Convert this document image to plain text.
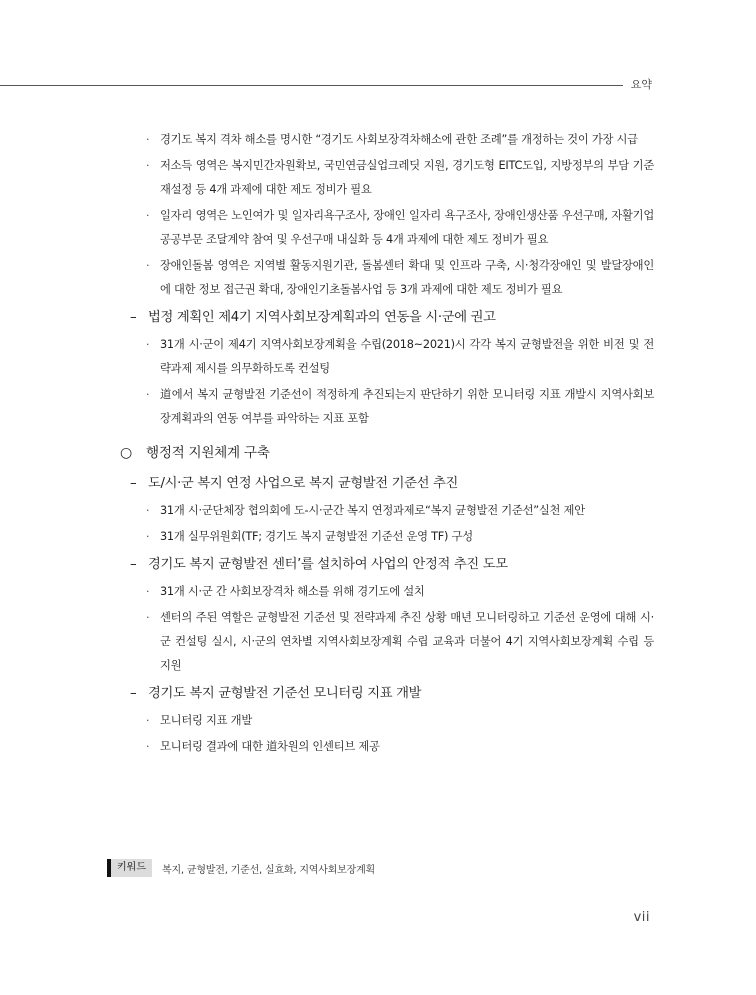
요약
· 경기도 복지 격차 해소를 명시한 “경기도 사회보장격차해소에 관한 조례”를 개정하는 것이 가장 시급
· 저소득 영역은 복지민간자원확보, 국민연금실업크레딧 지원, 경기도형 EITC도입, 지방정부의 부담 기준 재설정 등 4개 과제에 대한 제도 정비가 필요
· 일자리 영역은 노인여가 및 일자리욕구조사, 장애인 일자리 욕구조사, 장애인생산품 우선구매, 자활기업 공공부문 조달계약 참여 및 우선구매 내실화 등 4개 과제에 대한 제도 정비가 필요
· 장애인돌봄 영역은 지역별 활동지원기관, 돌봄센터 확대 및 인프라 구축, 시·청각장애인 및 발달장애인에 대한 정보 접근권 확대, 장애인기초돌봄사업 등 3개 과제에 대한 제도 정비가 필요
– 법정 계획인 제4기 지역사회보장계획과의 연동을 시·군에 권고
· 31개 시·군이 제4기 지역사회보장계획을 수립(2018~2021)시 각각 복지 균형발전을 위한 비전 및 전략과제 제시를 의무화하도록 컨설팅
· 道에서 복지 균형발전 기준선이 적정하게 추진되는지 판단하기 위한 모니터링 지표 개발시 지역사회보장계획과의 연동 여부를 파악하는 지표 포함
○ 행정적 지원체계 구축
– 도/시·군 복지 연정 사업으로 복지 균형발전 기준선 추진
· 31개 시·군단체장 협의회에 도-시·군간 복지 연정과제로“복지 균형발전 기준선”실천 제안
· 31개 실무위원회(TF; 경기도 복지 균형발전 기준선 운영 TF) 구성
– 경기도 복지 균형발전 센터’를 설치하여 사업의 안정적 추진 도모
· 31개 시·군 간 사회보장격차 해소를 위해 경기도에 설치
· 센터의 주된 역할은 균형발전 기준선 및 전략과제 추진 상황 매년 모니터링하고 기준선 운영에 대해 시·군 컨설팅 실시, 시·군의 연차별 지역사회보장계획 수립 교육과 더불어 4기 지역사회보장계획 수립 등 지원
– 경기도 복지 균형발전 기준선 모니터링 지표 개발
· 모니터링 지표 개발
· 모니터링 결과에 대한 道차원의 인센티브 제공
키워드	복지, 균형발전, 기준선, 실효화, 지역사회보장계획
vii
